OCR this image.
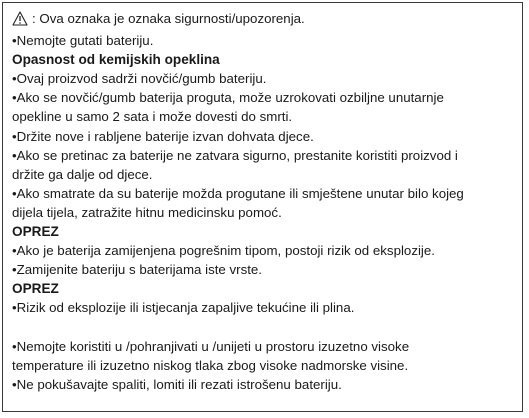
: Ova oznaka je oznaka sigurnosti/upozorenja.
•Nemojte gutati bateriju.
Opasnost od kemijskih opeklina
•Ovaj proizvod sadrži novčić/gumb bateriju.
•Ako se novčić/gumb baterija proguta, može uzrokovati ozbiljne unutarnje
opekline u samo 2 sata i može dovesti do smrti.
•Držite nove i rabljene baterije izvan dohvata djece.
•Ako se pretinac za baterije ne zatvara sigurno, prestanite koristiti proizvod i
držite ga dalje od djece.
•Ako smatrate da su baterije možda progutane ili smještene unutar bilo kojeg
dijela tijela, zatražite hitnu medicinsku pomoć.
OPREZ
•Ako je baterija zamijenjena pogrešnim tipom, postoji rizik od eksplozije.
•Zamijenite bateriju s baterijama iste vrste.
OPREZ
•Rizik od eksplozije ili istjecanja zapaljive tekućine ili plina.
•Nemojte koristiti u /pohranjivati u /unijeti u prostoru izuzetno visoke
temperature ili izuzetno niskog tlaka zbog visoke nadmorske visine.
•Ne pokušavajte spaliti, lomiti ili rezati istrošenu bateriju.
